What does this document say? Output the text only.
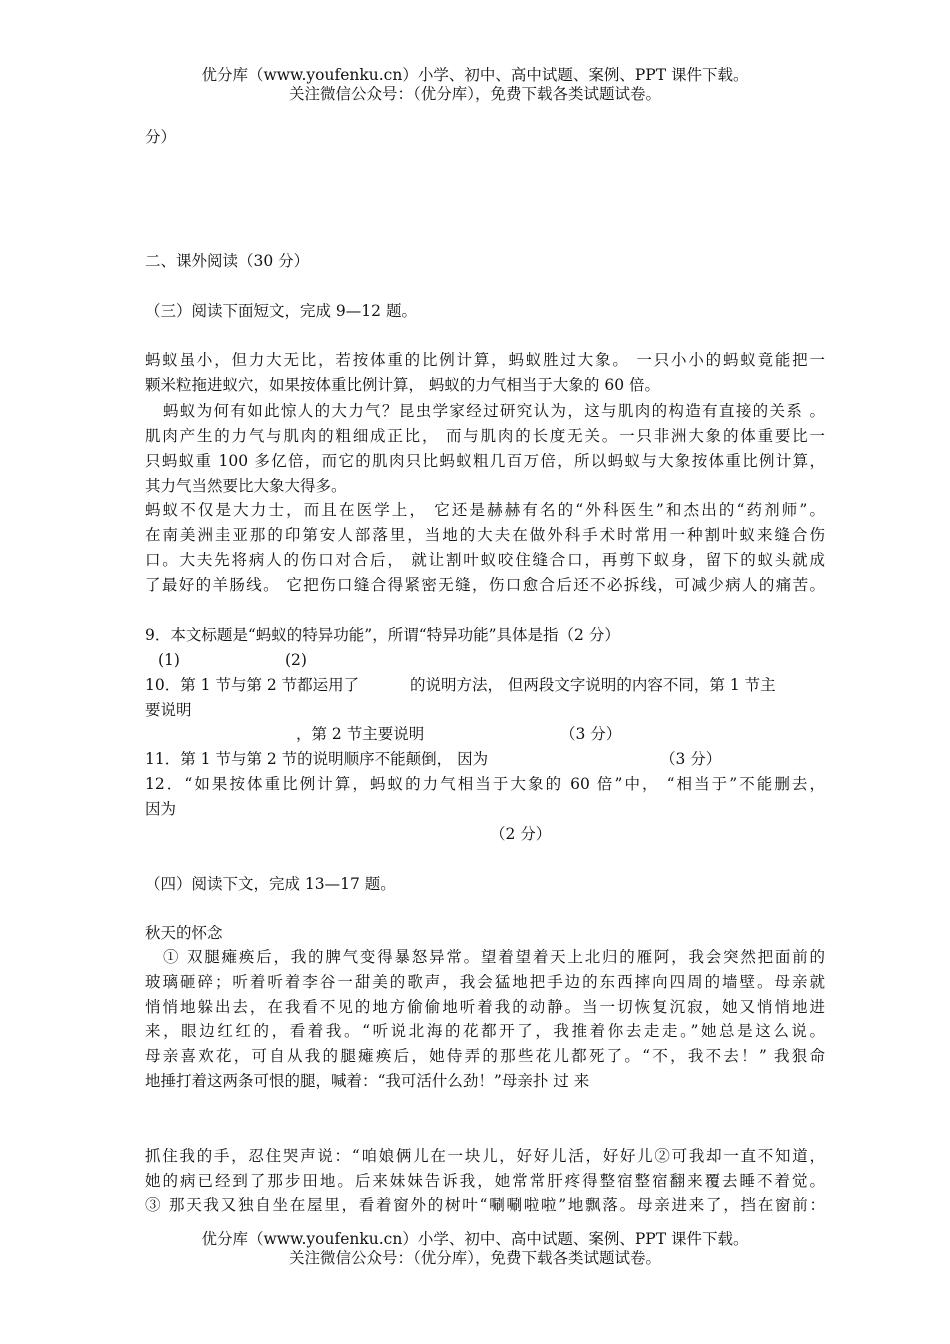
优分库（www.youfenku.cn）小学、初中、高中试题、案例、PPT 课件下载。
关注微信公众号：（优分库），免费下载各类试题试卷。
分）
二、课外阅读（30 分）
（三）阅读下面短文，完成 9—12 题。
蚂蚁虽小，但力大无比，若按体重的比例计算，蚂蚁胜过大象。 一只小小的蚂蚁竟能把一
颗米粒拖进蚁穴，如果按体重比例计算， 蚂蚁的力气相当于大象的 60 倍。
蚂蚁为何有如此惊人的大力气？昆虫学家经过研究认为，这与肌肉的构造有直接的关系 。
肌肉产生的力气与肌肉的粗细成正比， 而与肌肉的长度无关。一只非洲大象的体重要比一
只蚂蚁重 100 多亿倍，而它的肌肉只比蚂蚁粗几百万倍，所以蚂蚁与大象按体重比例计算，
其力气当然要比大象大得多。
蚂蚁不仅是大力士，而且在医学上， 它还是赫赫有名的“外科医生”和杰出的“药剂师”。
在南美洲圭亚那的印第安人部落里，当地的大夫在做外科手术时常用一种割叶蚁来缝合伤
口。大夫先将病人的伤口对合后， 就让割叶蚁咬住缝合口，再剪下蚁身，留下的蚁头就成
了最好的羊肠线。 它把伤口缝合得紧密无缝，伤口愈合后还不必拆线，可减少病人的痛苦。
9．本文标题是“蚂蚁的特异功能”，所谓“特异功能”具体是指（2 分）
(1)	(2)
10．第 1 节与第 2 节都运用了	的说明方法， 但两段文字说明的内容不同，第 1 节主
要说明
，第 2 节主要说明	（3 分）
11．第 1 节与第 2 节的说明顺序不能颠倒， 因为	（3 分）
12．“如果按体重比例计算，蚂蚁的力气相当于大象的 60 倍”中， “相当于”不能删去，
因为
（2 分）
（四）阅读下文，完成 13—17 题。
秋天的怀念
① 双腿瘫痪后，我的脾气变得暴怒异常。望着望着天上北归的雁阿，我会突然把面前的
玻璃砸碎；听着听着李谷一甜美的歌声，我会猛地把手边的东西摔向四周的墙壁。母亲就
悄悄地躲出去，在我看不见的地方偷偷地听着我的动静。当一切恢复沉寂，她又悄悄地进
来，眼边红红的，看着我。“听说北海的花都开了，我推着你去走走。”她总是这么说。
母亲喜欢花，可自从我的腿瘫痪后，她侍弄的那些花儿都死了。“不，我不去！” 我狠命
地捶打着这两条可恨的腿，喊着：“我可活什么劲！”母亲扑 过 来
抓住我的手，忍住哭声说：“咱娘俩儿在一块儿，好好儿活，好好儿②可我却一直不知道，
她的病已经到了那步田地。后来妹妹告诉我，她常常肝疼得整宿整宿翻来覆去睡不着觉。
③ 那天我又独自坐在屋里，看着窗外的树叶“唰唰啦啦”地飘落。母亲进来了，挡在窗前：
优分库（www.youfenku.cn）小学、初中、高中试题、案例、PPT 课件下载。
关注微信公众号：（优分库），免费下载各类试题试卷。
